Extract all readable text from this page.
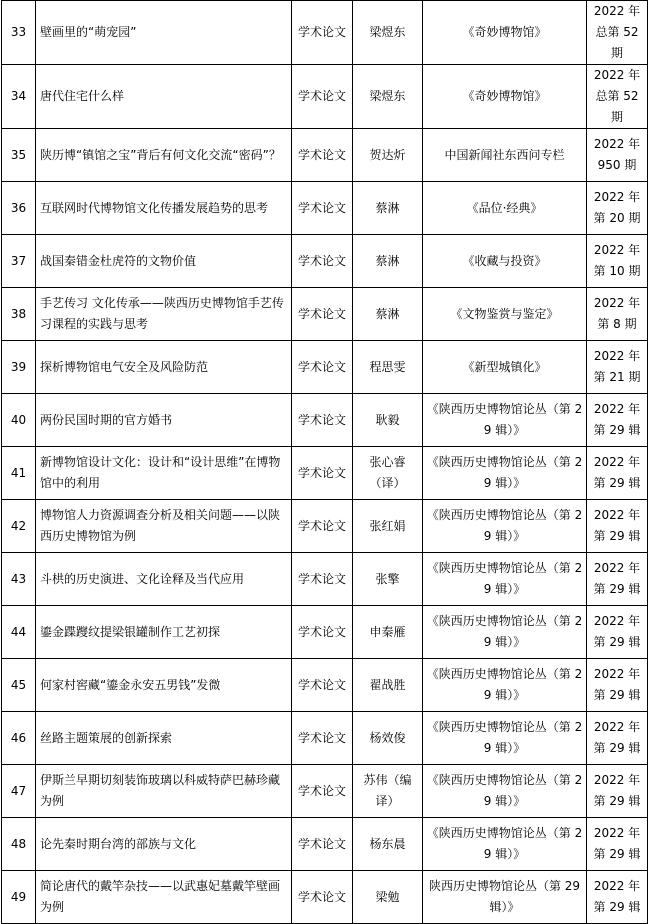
33	壁画里的“萌宠园”	学术论文	梁煜东	《奇妙博物馆》	2022 年总第 52 期
34	唐代住宅什么样	学术论文	梁煜东	《奇妙博物馆》	2022 年总第 52 期
35	陕历博“镇馆之宝”背后有何文化交流“密码”？	学术论文	贺达炘	中国新闻社东西问专栏	2022 年 950 期
36	互联网时代博物馆文化传播发展趋势的思考	学术论文	蔡淋	《品位·经典》	2022 年第 20 期
37	战国秦错金杜虎符的文物价值	学术论文	蔡淋	《收藏与投资》	2022 年第 10 期
38	手艺传习 文化传承——陕西历史博物馆手艺传习课程的实践与思考	学术论文	蔡淋	《文物鉴赏与鉴定》	2022 年第 8 期
39	探析博物馆电气安全及风险防范	学术论文	程思雯	《新型城镇化》	2022 年第 21 期
40	两份民国时期的官方婚书	学术论文	耿毅	《陕西历史博物馆论丛（第 29 辑）》	2022 年第 29 辑
41	新博物馆设计文化：设计和“设计思维”在博物馆中的利用	学术论文	张心睿（译）	《陕西历史博物馆论丛（第 29 辑）》	2022 年第 29 辑
42	博物馆人力资源调查分析及相关问题——以陕西历史博物馆为例	学术论文	张红娟	《陕西历史博物馆论丛（第 29 辑）》	2022 年第 29 辑
43	斗栱的历史演进、文化诠释及当代应用	学术论文	张擎	《陕西历史博物馆论丛（第 29 辑）》	2022 年第 29 辑
44	鎏金蹀躞纹提梁银罐制作工艺初探	学术论文	申秦雁	《陕西历史博物馆论丛（第 29 辑）》	2022 年第 29 辑
45	何家村窖藏“鎏金永安五男钱”发微	学术论文	翟战胜	《陕西历史博物馆论丛（第 29 辑）》	2022 年第 29 辑
46	丝路主题策展的创新探索	学术论文	杨效俊	《陕西历史博物馆论丛（第 29 辑）》	2022 年第 29 辑
47	伊斯兰早期切刻装饰玻璃以科威特萨巴赫珍藏为例	学术论文	苏伟（编译）	《陕西历史博物馆论丛（第 29 辑）》	2022 年第 29 辑
48	论先秦时期台湾的部族与文化	学术论文	杨东晨	《陕西历史博物馆论丛（第 29 辑）》	2022 年第 29 辑
49	简论唐代的戴竿杂技——以武惠妃墓戴竿壁画为例	学术论文	梁勉	陕西历史博物馆论丛（第 29 辑）》	2022 年第 29 辑
